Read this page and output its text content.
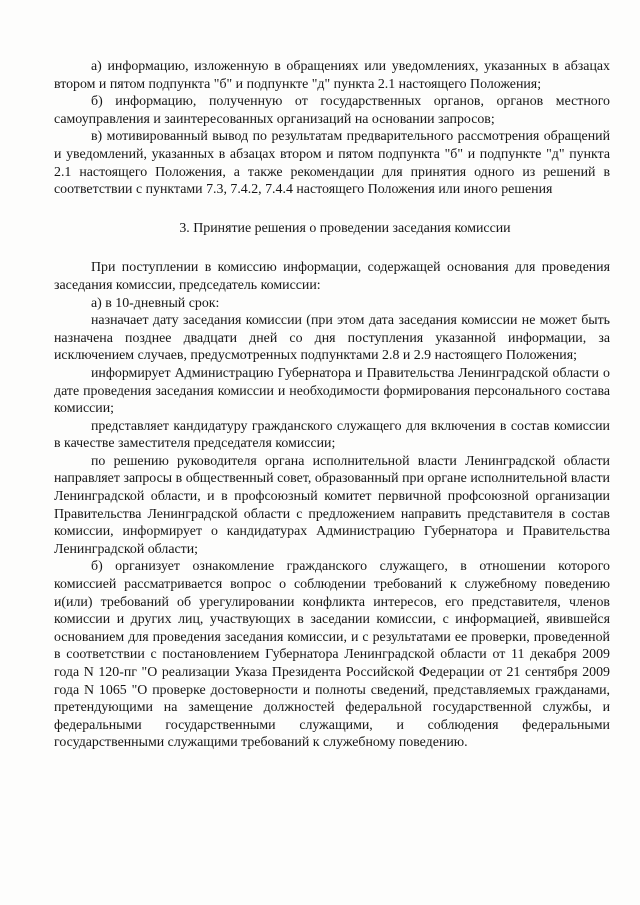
а) информацию, изложенную в обращениях или уведомлениях, указанных в абзацах втором и пятом подпункта "б" и подпункте "д" пункта 2.1 настоящего Положения;

б) информацию, полученную от государственных органов, органов местного самоуправления и заинтересованных организаций на основании запросов;

в) мотивированный вывод по результатам предварительного рассмотрения обращений и уведомлений, указанных в абзацах втором и пятом подпункта "б" и подпункте "д" пункта 2.1 настоящего Положения, а также рекомендации для принятия одного из решений в соответствии с пунктами 7.3, 7.4.2, 7.4.4 настоящего Положения или иного решения

3. Принятие решения о проведении заседания комиссии

При поступлении в комиссию информации, содержащей основания для проведения заседания комиссии, председатель комиссии:

а) в 10-дневный срок:

назначает дату заседания комиссии (при этом дата заседания комиссии не может быть назначена позднее двадцати дней со дня поступления указанной информации, за исключением случаев, предусмотренных подпунктами 2.8 и 2.9 настоящего Положения;

информирует Администрацию Губернатора и Правительства Ленинградской области о дате проведения заседания комиссии и необходимости формирования персонального состава комиссии;

представляет кандидатуру гражданского служащего для включения в состав комиссии в качестве заместителя председателя комиссии;

по решению руководителя органа исполнительной власти Ленинградской области направляет запросы в общественный совет, образованный при органе исполнительной власти Ленинградской области, и в профсоюзный комитет первичной профсоюзной организации Правительства Ленинградской области с предложением направить представителя в состав комиссии, информирует о кандидатурах Администрацию Губернатора и Правительства Ленинградской области;

б) организует ознакомление гражданского служащего, в отношении которого комиссией рассматривается вопрос о соблюдении требований к служебному поведению и(или) требований об урегулировании конфликта интересов, его представителя, членов комиссии и других лиц, участвующих в заседании комиссии, с информацией, явившейся основанием для проведения заседания комиссии, и с результатами ее проверки, проведенной в соответствии с постановлением Губернатора Ленинградской области от 11 декабря 2009 года N 120-пг "О реализации Указа Президента Российской Федерации от 21 сентября 2009 года N 1065 "О проверке достоверности и полноты сведений, представляемых гражданами, претендующими на замещение должностей федеральной государственной службы, и федеральными государственными служащими, и соблюдения федеральными государственными служащими требований к служебному поведению.
